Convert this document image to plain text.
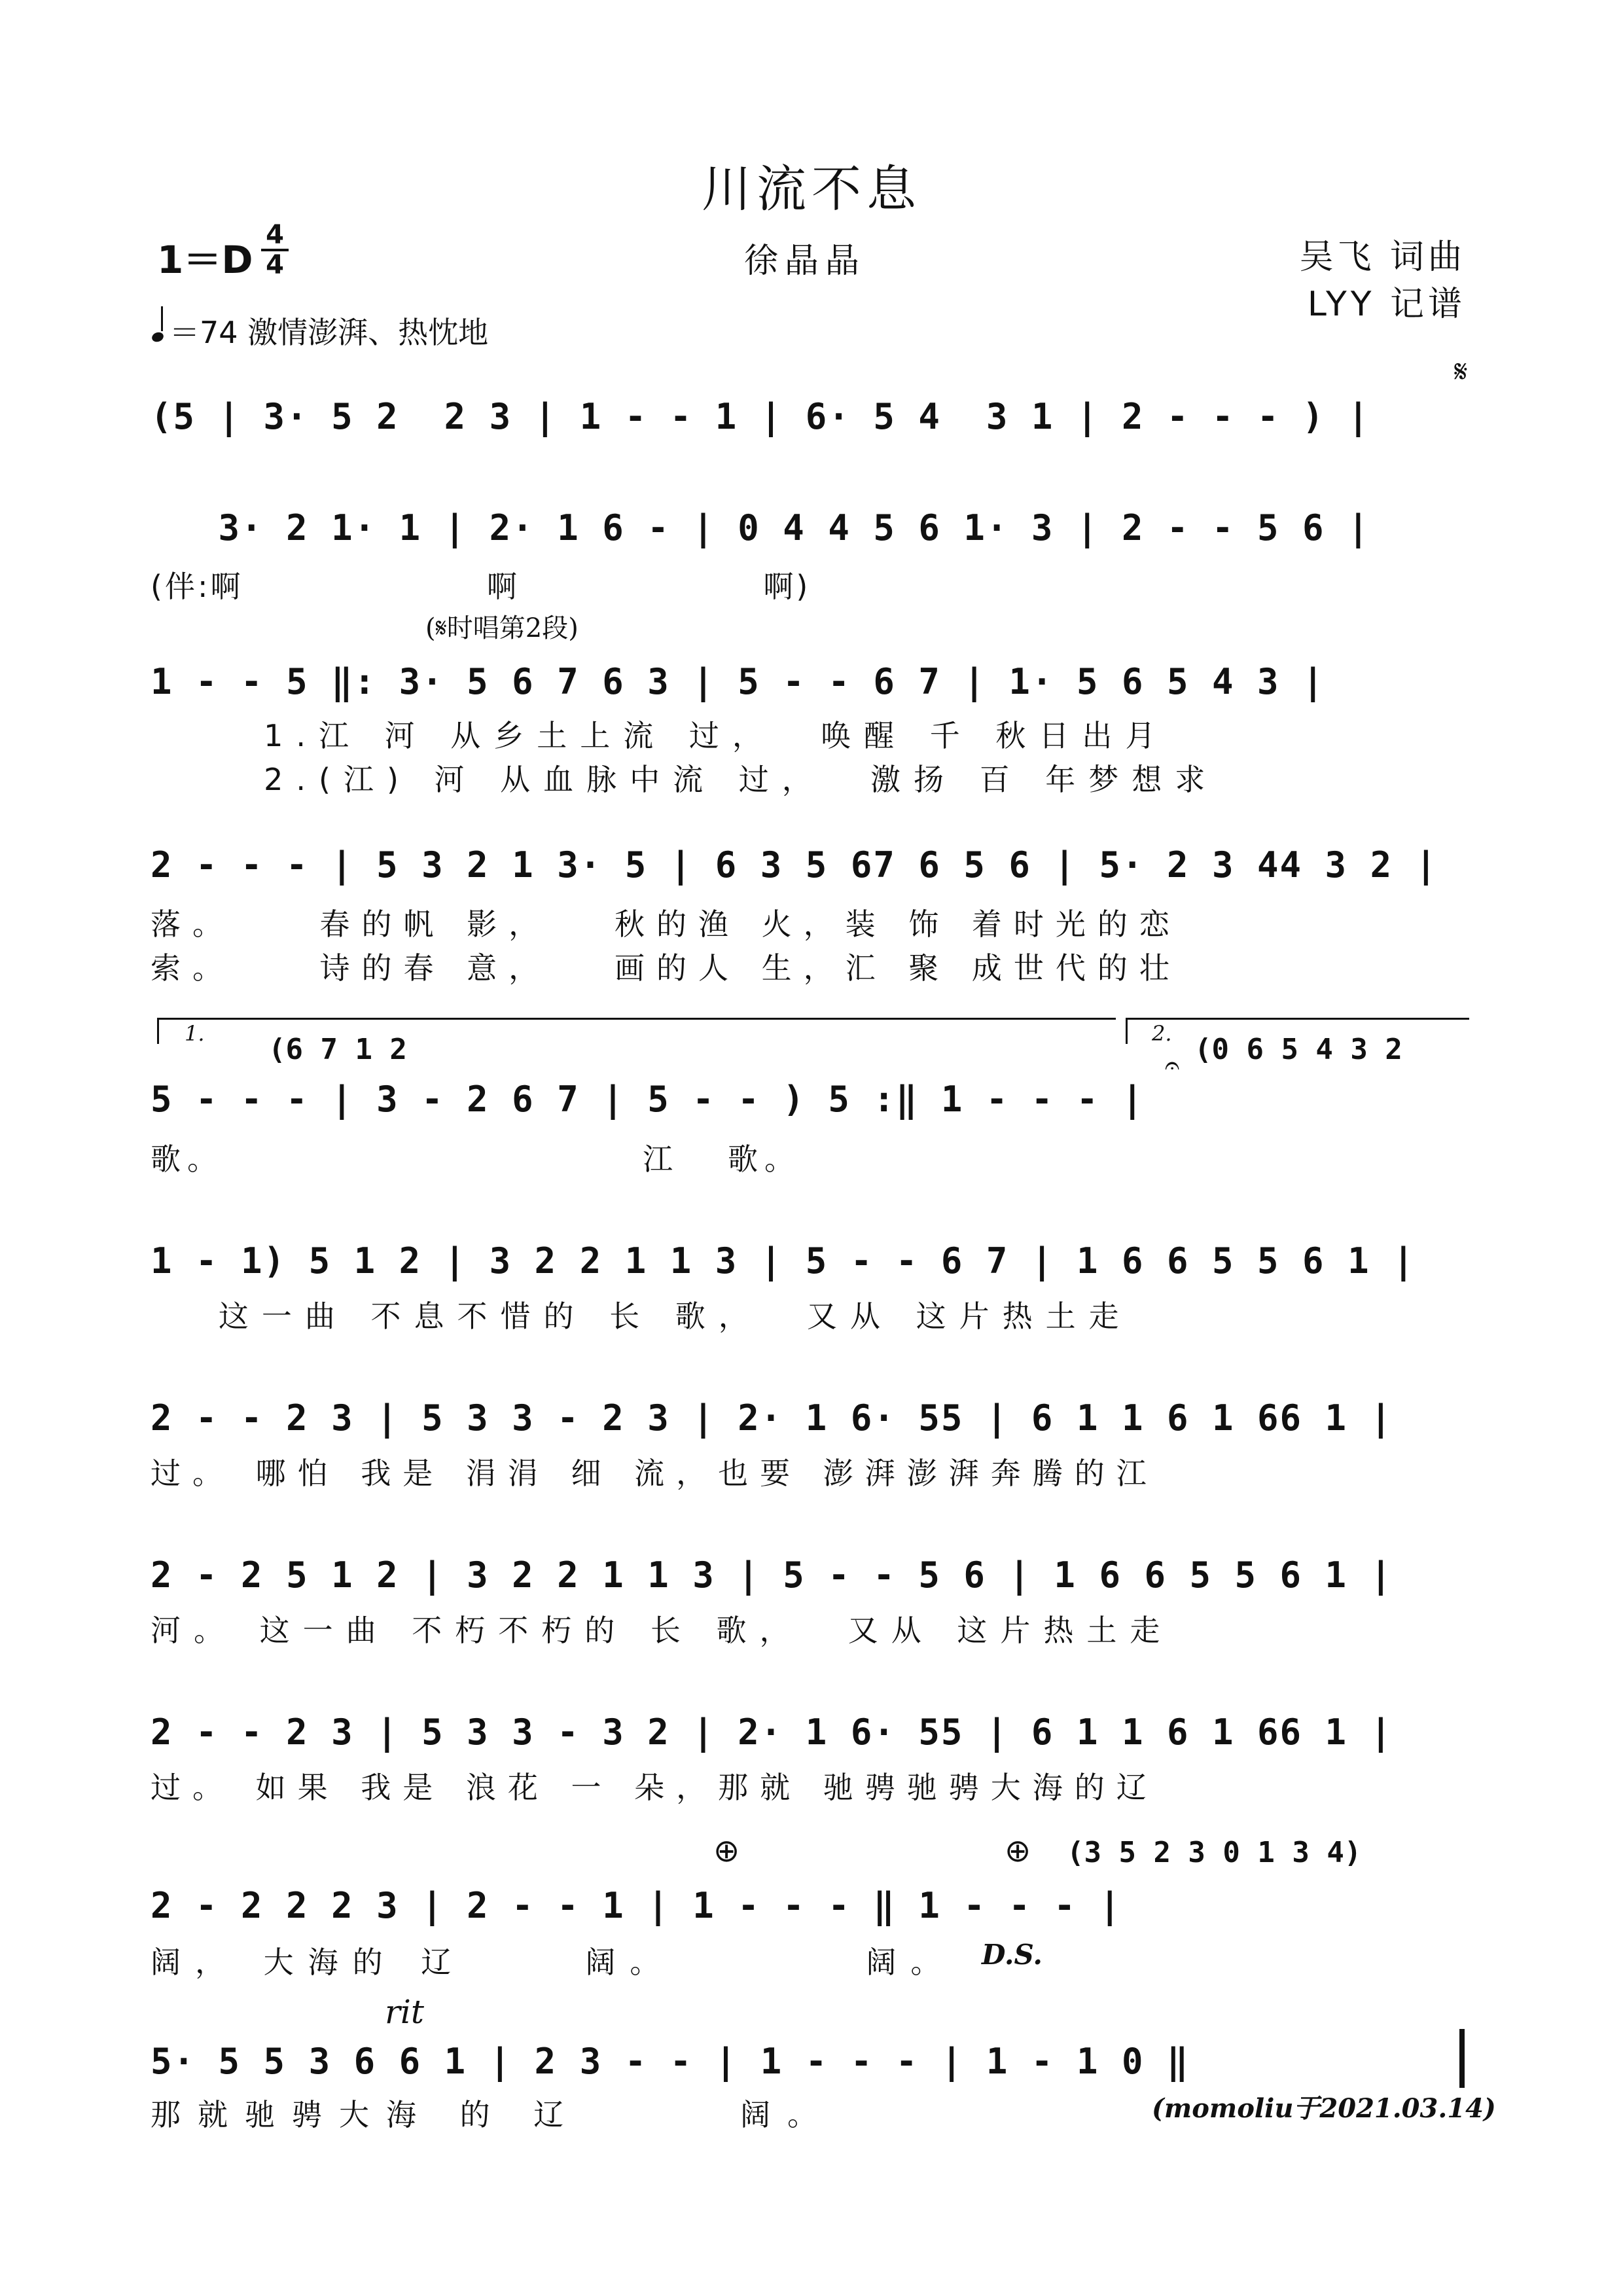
川流不息
1＝D
4
4	徐晶晶	吴飞 词曲
LYY 记谱
＝74 激情澎湃、热忱地
(5 | 3· 5 2  2 3 | 1 - - 1 | 6· 5 4  3 1 | 2 - - - ) |
𝄋
3· 2 1· 1 | 2· 1 6 - | 0 4 4 5 6 1· 3 | 2 - - 5 6 |
(伴:啊                    啊                    啊)
(𝄋时唱第2段)
1 - - 5 ‖: 3· 5 6 7 6 3 | 5 - - 6 7 | 1· 5 6 5 4 3 |
1.江 河 从乡土上流 过，  唤醒 千 秋日出月
2.(江) 河 从血脉中流 过，  激扬 百 年梦想求
2 - - - | 5 3 2 1 3· 5 | 6 3 5 67 6 5 6 | 5· 2 3 44 3 2 |
落。    春的帆 影，   秋的渔 火，装 饰 着时光的恋
索。    诗的春 意，   画的人 生，汇 聚 成世代的壮
1. (6 7 1 2	2. (0 6 5 4 3 2
𝄐
5 - - - | 3 - 2 6 7 | 5 - - ) 5 :‖ 1 - - - |
歌。                          江   歌。
1 - 1) 5 1 2 | 3 2 2 1 1 3 | 5 - - 6 7 | 1 6 6 5 5 6 1 |
这一曲 不息不惜的 长 歌，  又从 这片热土走
2 - - 2 3 | 5 3 3 - 2 3 | 2· 1 6· 55 | 6 1 1 6 1 66 1 |
过。 哪怕 我是 涓涓 细 流，也要 澎湃澎湃奔腾的江
2 - 2 5 1 2 | 3 2 2 1 1 3 | 5 - - 5 6 | 1 6 6 5 5 6 1 |
河。 这一曲 不朽不朽的 长 歌，  又从 这片热土走
2 - - 2 3 | 5 3 3 - 3 2 | 2· 1 6· 55 | 6 1 1 6 1 66 1 |
过。 如果 我是 浪花 一 朵，那就 驰骋驰骋大海的辽
⊕	⊕ (3 5 2 3 0 1 3 4)
2 - 2 2 2 3 | 2 - - 1 | 1 - - - ‖ 1 - - - |
阔， 大海的 辽     阔。        阔。 D.S.
rit
5· 5 5 3 6 6 1 | 2 3 - - | 1 - - - | 1 - 1 0 ‖
那就驰骋大海 的 辽      阔。	(momoliu于2021.03.14)
